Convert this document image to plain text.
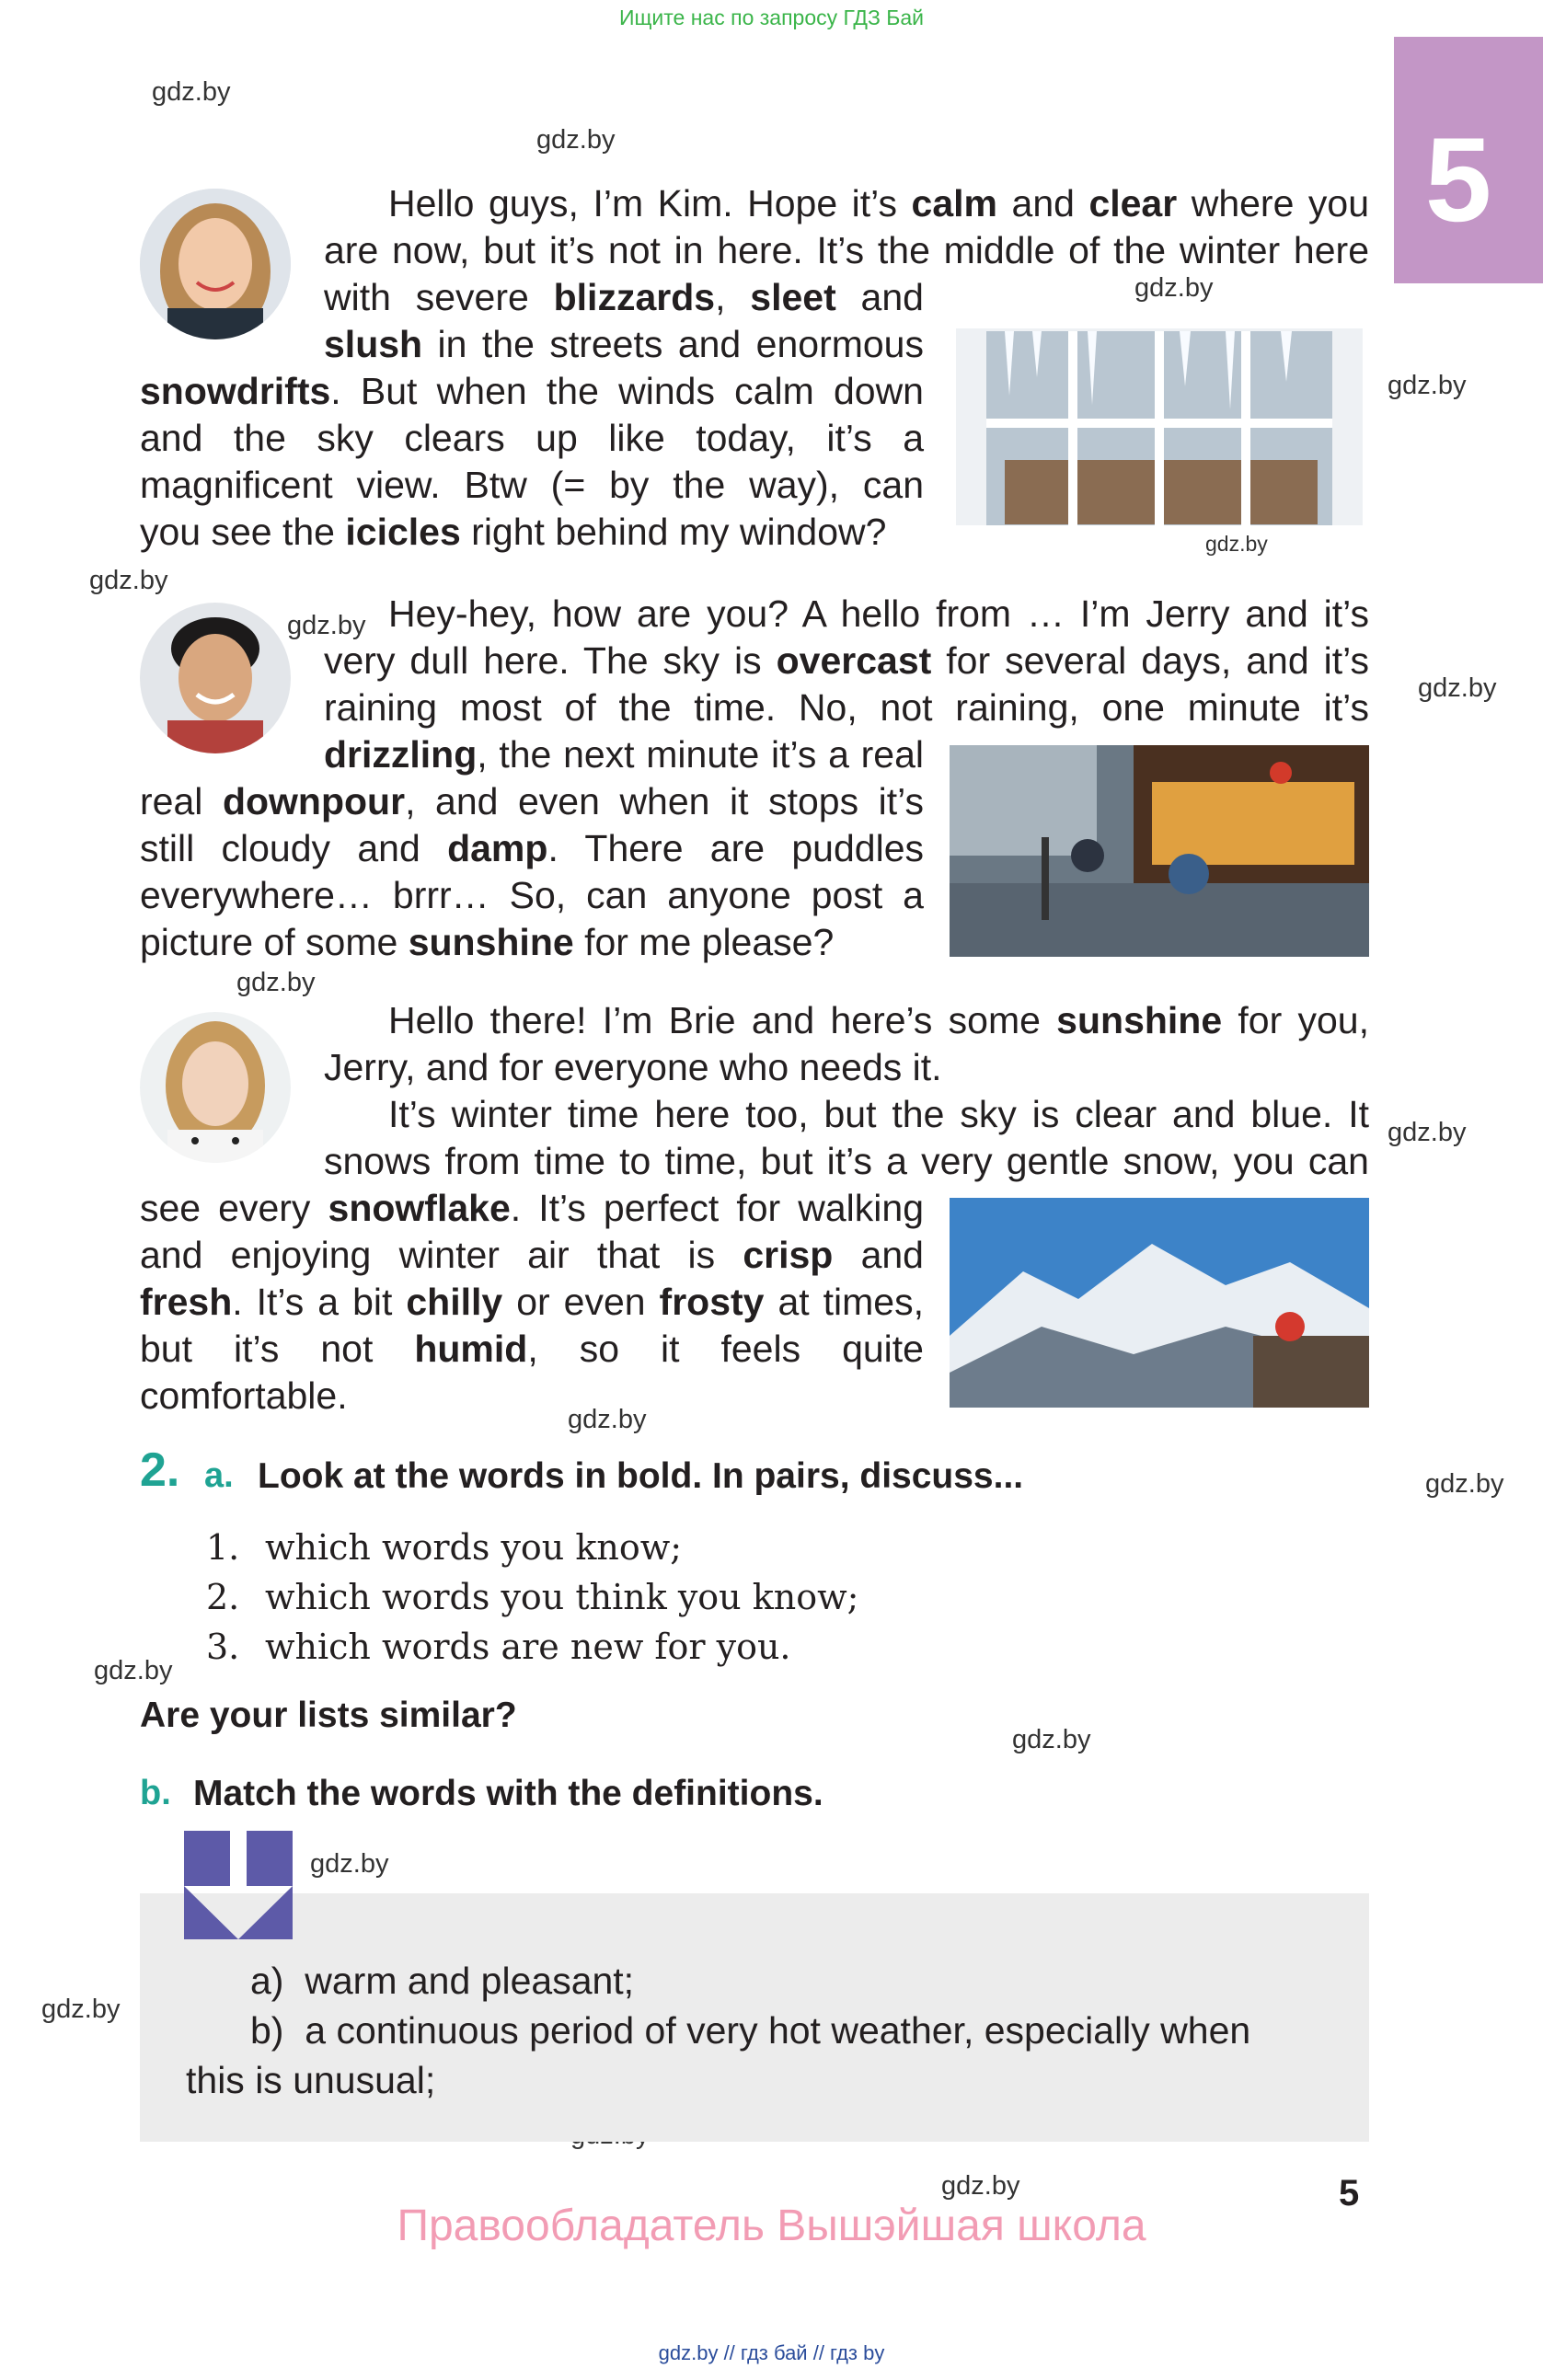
Ищите нас по запросу ГДЗ Бай
5
gdz.by
gdz.by
gdz.by
gdz.by
gdz.by
gdz.by
gdz.by
gdz.by
gdz.by
gdz.by
gdz.by
gdz.by
gdz.by
gdz.by
gdz.by
gdz.by
gdz.by
2. a. Look at the words in bold. In pairs, discuss...
1. which words you know;
2. which words you think you know;
3. which words are new for you.
Are your lists similar?
b. Match the words with the definitions.
a) warm and pleasant;
b) a continuous period of very hot weather, especially when
this is unusual;
5
Правообладатель Вышэйшая школа
gdz.by // гдз бай // гдз by
Hello guys, I’m Kim. Hope it’s calm and clear where you
are now, but it’s not in here. It’s the middle of the winter here
with severe blizzards, sleet and
slush in the streets and enormous
snowdrifts. But when the winds calm down
and the sky clears up like today, it’s a
magnificent view. Btw (= by the way), can
you see the icicles right behind my window?
Hey-hey, how are you? A hello from … I’m Jerry and it’s
very dull here. The sky is overcast for several days, and it’s
raining most of the time. No, not raining, one minute it’s
drizzling, the next minute it’s a real
real downpour, and even when it stops it’s
still cloudy and damp. There are puddles
everywhere… brrr… So, can anyone post a
picture of some sunshine for me please?
Hello there! I’m Brie and here’s some sunshine for you,
Jerry, and for everyone who needs it.
It’s winter time here too, but the sky is clear and blue. It
snows from time to time, but it’s a very gentle snow, you can
see every snowflake. It’s perfect for walking
and enjoying winter air that is crisp and
fresh. It’s a bit chilly or even frosty at times,
but it’s not humid, so it feels quite
comfortable.
